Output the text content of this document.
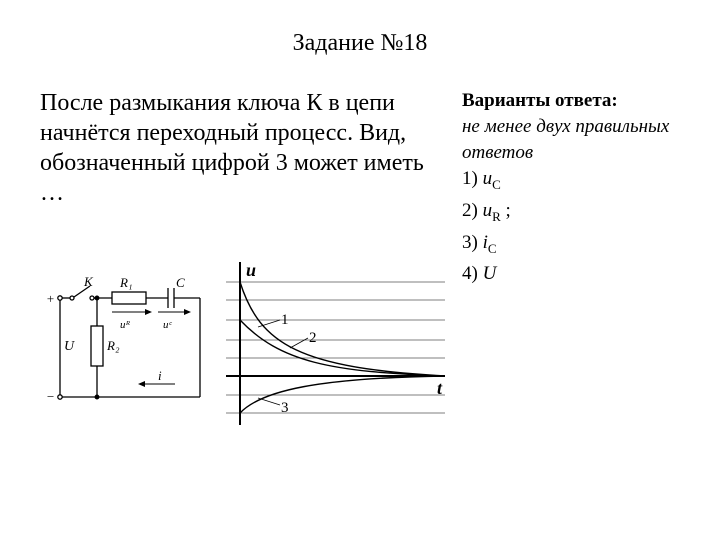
Задание №18
После размыкания ключа К в цепи начнётся переходный процесс. Вид, обозначенный цифрой 3 может иметь …
Варианты ответа:
не менее двух правильных ответов
1) $u_C$
2) $u_R$ ;
3) $i_C$
4) U
+
−
К R₁	C
R₂
U
uᴿ	uᶜ
i
u
t
1
2
3
